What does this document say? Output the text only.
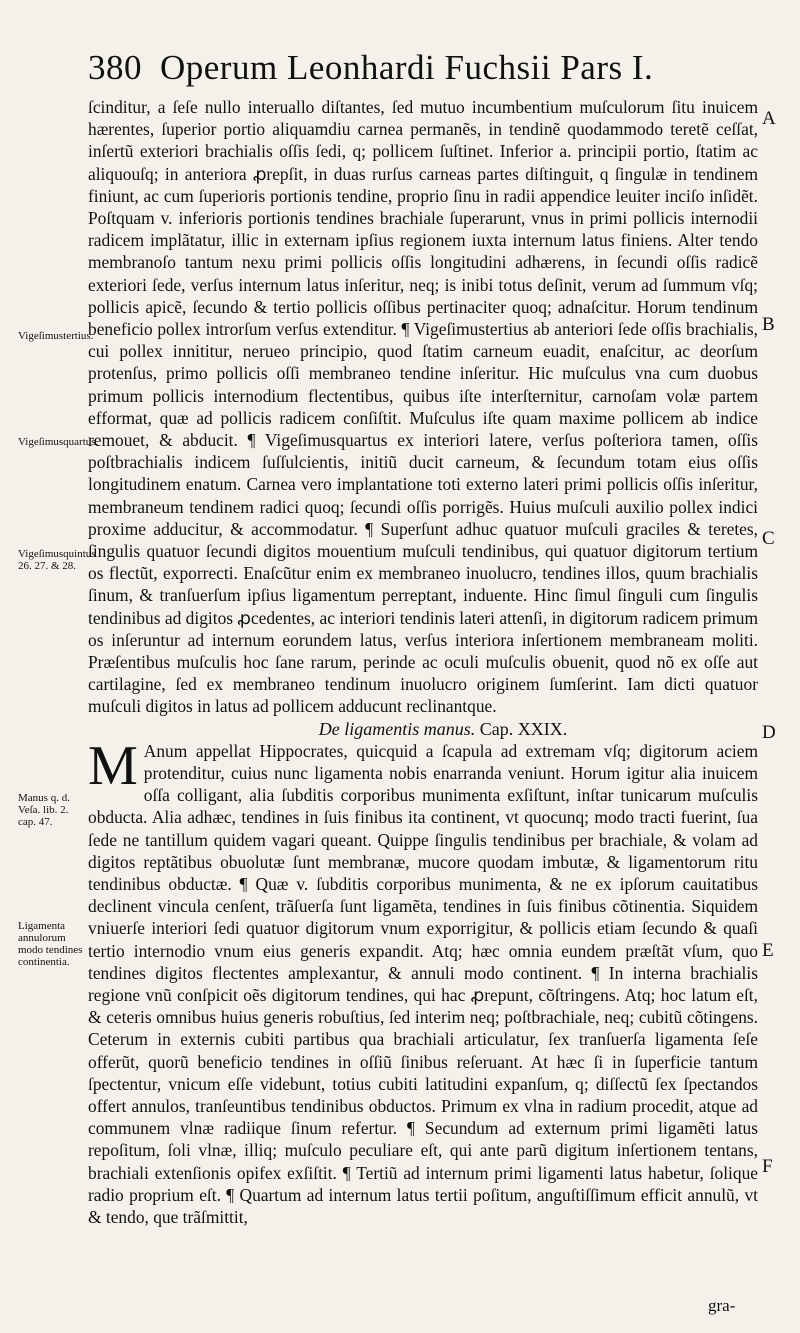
380 Operum Leonhardi Fuchsii Pars I.

ſcinditur, a ſeſe nullo interuallo diſtantes, ſed mutuo incumbentium muſculorum ſitu inuicem hærentes, ſuperior portio aliquamdiu carnea permanẽs, in tendinẽ quodammodo teretẽ ceſſat, inſertũ exteriori brachialis oſſis ſedi, q; pollicem ſuſtinet. Inferior a. principii portio, ſtatim ac aliquouſq; in anteriora ꝓrepſit, in duas rurſus carneas partes diſtinguit, q ſingulæ in tendinem finiunt, ac cum ſuperioris portionis tendine, proprio ſinu in radii appendice leuiter inciſo inſidẽt. Poſtquam v. inferioris portionis tendines brachiale ſuperarunt, vnus in primi pollicis internodii radicem implãtatur, illic in externam ipſius regionem iuxta internum latus finiens. Alter tendo membranoſo tantum nexu primi pollicis oſſis longitudini adhærens, in ſecundi oſſis radicẽ exteriori ſede, verſus internum latus inſeritur, neq; is inibi totus deſinit, verum ad ſummum vſq; pollicis apicẽ, ſecundo & tertio pollicis oſſibus pertinaciter quoq; adnaſcitur. Horum tendinum beneficio pollex introrſum verſus extenditur. ¶ Vigeſimustertius ab anteriori ſede oſſis brachialis, cui pollex innititur, nerueo principio, quod ſtatim carneum euadit, enaſcitur, ac deorſum protenſus, primo pollicis oſſi membraneo tendine inſeritur. Hic muſculus vna cum duobus primum pollicis internodium flectentibus, quibus iſte interſternitur, carnoſam volæ partem efformat, quæ ad pollicis radicem conſiſtit. Muſculus iſte quam maxime pollicem ab indice remouet, & abducit. ¶ Vigeſimusquartus ex interiori latere, verſus poſteriora tamen, oſſis poſtbrachialis indicem ſuſſulcientis, initiũ ducit carneum, & ſecundum totam eius oſſis longitudinem enatum. Carnea vero implantatione toti externo lateri primi pollicis oſſis inſeritur, membraneum tendinem radici quoq; ſecundi oſſis porrigẽs. Huius muſculi auxilio pollex indici proxime adducitur, & accommodatur. ¶ Superſunt adhuc quatuor muſculi graciles & teretes, ſingulis quatuor ſecundi digitos mouentium muſculi tendinibus, qui quatuor digitorum tertium os flectũt, exporrecti. Enaſcũtur enim ex membraneo inuolucro, tendines illos, quum brachialis ſinum, & tranſuerſum ipſius ligamentum perreptant, induente. Hinc ſimul ſinguli cum ſingulis tendinibus ad digitos ꝓcedentes, ac interiori tendinis lateri attenſi, in digitorum radicem primum os inſeruntur ad internum eorundem latus, verſus interiora inſertionem membraneam moliti. Præſentibus muſculis hoc ſane rarum, perinde ac oculi muſculis obuenit, quod nõ ex oſſe aut cartilagine, ſed ex membraneo tendinum inuolucro originem ſumſerint. Iam dicti quatuor muſculi digitos in latus ad pollicem adducunt reclinantque.

De ligamentis manus. Cap. XXIX.

M Anum appellat Hippocrates, quicquid a ſcapula ad extremam vſq; digitorum aciem protenditur, cuius nunc ligamenta nobis enarranda veniunt. Horum igitur alia inuicem oſſa colligant, alia ſubditis corporibus munimenta exſiſtunt, inſtar tunicarum muſculis obducta. Alia adhæc, tendines in ſuis finibus ita continent, vt quocunq; modo tracti fuerint, ſua ſede ne tantillum quidem vagari queant. Quippe ſingulis tendinibus per brachiale, & volam ad digitos reptãtibus obuolutæ ſunt membranæ, mucore quodam imbutæ, & ligamentorum ritu tendinibus obductæ. ¶ Quæ v. ſubditis corporibus munimenta, & ne ex ipſorum cauitatibus declinent vincula cenſent, trãſuerſa ſunt ligamẽta, tendines in ſuis finibus cõtinentia. Siquidem vniuerſe interiori ſedi quatuor digitorum vnum exporrigitur, & pollicis etiam ſecundo & quaſi tertio internodio vnum eius generis expandit. Atq; hæc omnia eundem præſtãt vſum, quo tendines digitos flectentes amplexantur, & annuli modo continent. ¶ In interna brachialis regione vnũ conſpicit oẽs digitorum tendines, qui hac ꝓrepunt, cõſtringens. Atq; hoc latum eſt, & ceteris omnibus huius generis robuſtius, ſed interim neq; poſtbrachiale, neq; cubitũ cõtingens. Ceterum in externis cubiti partibus qua brachiali articulatur, ſex tranſuerſa ligamenta ſeſe offerũt, quorũ beneficio tendines in oſſiũ ſinibus reſeruant. At hæc ſi in ſuperficie tantum ſpectentur, vnicum eſſe videbunt, totius cubiti latitudini expanſum, q; diſſectũ ſex ſpectandos offert annulos, tranſeuntibus tendinibus obductos. Primum ex vlna in radium procedit, atque ad communem vlnæ radiique ſinum refertur. ¶ Secundum ad externum primi ligamẽti latus repoſitum, ſoli vlnæ, illiq; muſculo peculiare eſt, qui ante parũ digitum inſertionem tentans, brachiali extenſionis opifex exſiſtit. ¶ Tertiũ ad internum primi ligamenti latus habetur, ſolique radio proprium eſt. ¶ Quartum ad internum latus tertii poſitum, anguſtiſſimum efficit annulũ, vt & tendo, que trãſmittit,

Vigeſimustertius.
Vigeſimusquartus.
Vigeſimusquintus 26. 27. & 28.
Manus q. d. Veſa. lib. 2. cap. 47.
Ligamenta annulorum modo tendines continentia.
A
B
C
D
E
F
gra-
